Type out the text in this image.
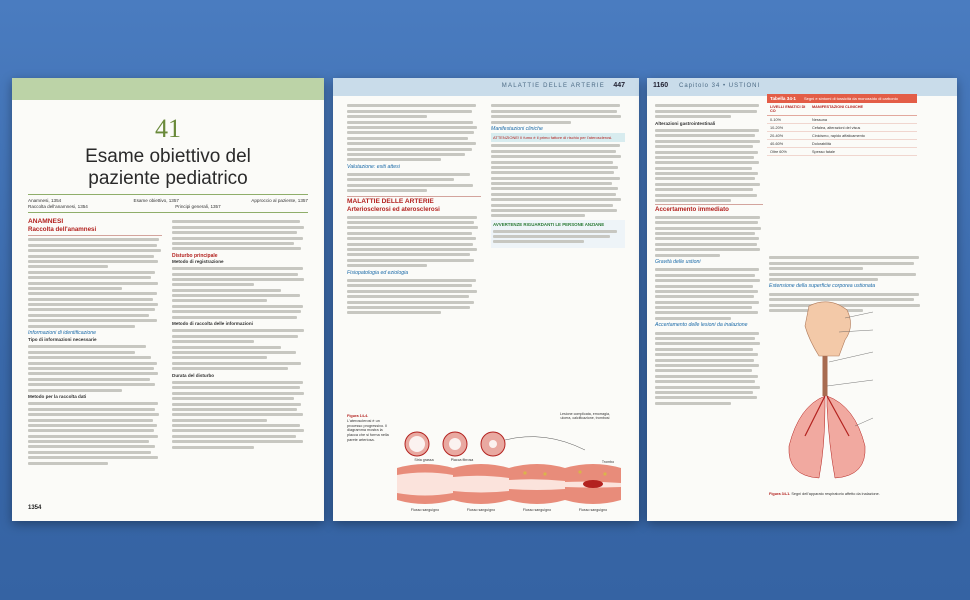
41
Esame obiettivo del
paziente pediatrico
Anamnesi, 1354	Esame obiettivo, 1357	Approccio al paziente, 1357
Raccolta dell'anamnesi, 1354	Principi generali, 1357
ANAMNESI
Raccolta dell'anamnesi
Informazioni di identificazione
Tipo di informazioni necessarie
Metodo per la raccolta dati
Disturbo principale
Metodo di registrazione
Metodo di raccolta delle informazioni
Durata del disturbo
1354
MALATTIE DELLE ARTERIE 447
Valutazione: esiti attesi
MALATTIE DELLE ARTERIE
Arteriosclerosi ed aterosclerosi
Fisiopatologia ed eziologia
Manifestazioni cliniche
ATTENZIONE! Il fumo è il primo fattore di rischio per l'aterosclerosi.
AVVERTENZE RIGUARDANTI LE PERSONE ANZIANE
Figura 14-4. L'aterosclerosi è un processo progressivo. Il diagramma mostra la placca che si forma nella parete arteriosa.
Stria grassa	Placca fibrosa
Lesione complicata, emorragia, ulcera, calcificazione, trombosi
Trombo
Flusso sanguigno	Flusso sanguigno	Flusso sanguigno	Flusso sanguigno
1160 Capitolo 34 • USTIONI
Alterazioni gastrointestinali
Accertamento immediato
Gravità delle ustioni
Accertamento delle lesioni da inalazione
Tabella 34-1	Segni e sintomi di tossicità da monossido di carbonio
LIVELLI EMATICI DI CO
MANIFESTAZIONI CLINICHE
0-10%	Nessuna
10-20%	Cefalea, alterazioni del visus
20-40%	Cinicismo, rapido affaticamento
40-60%	Dolorabilità
Oltre 60%	Spesso fatale
Estensione della superficie corporea ustionata
Figura 34-1. Segni dell'apparato respiratorio affetto da inalazione.
